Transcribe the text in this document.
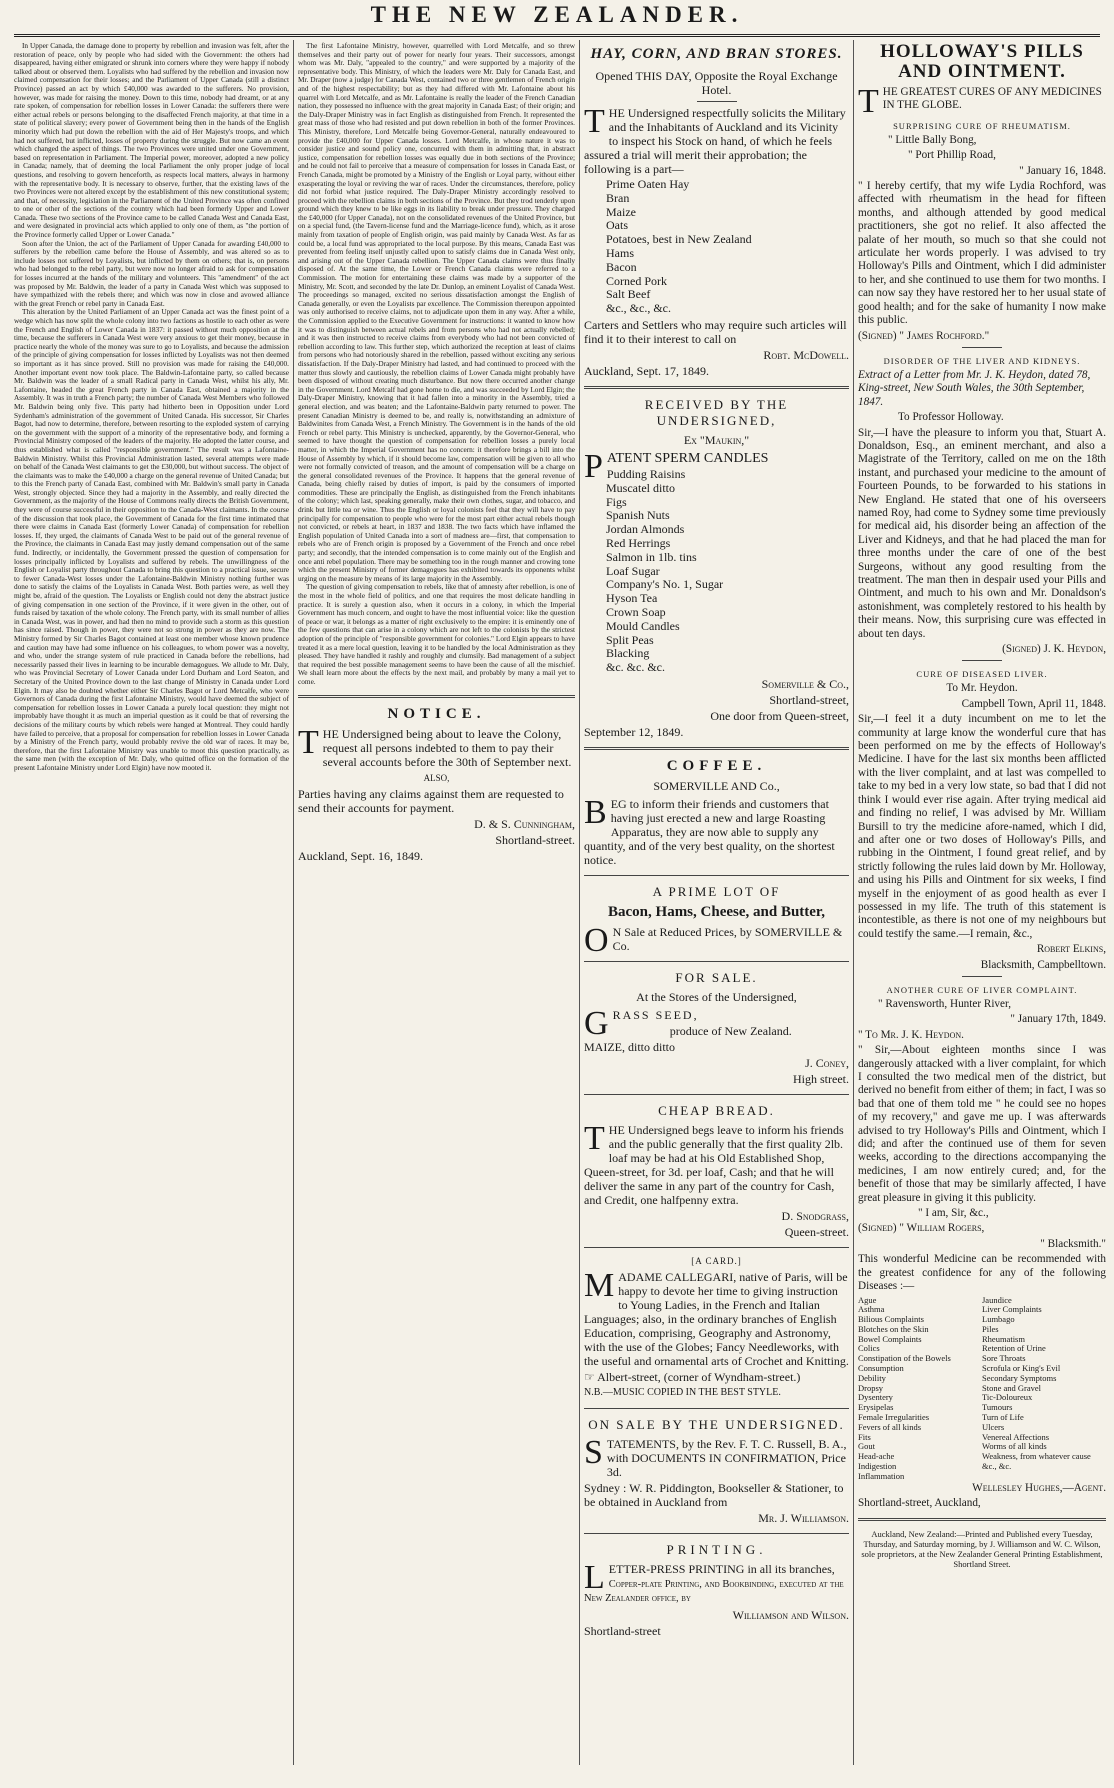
THE NEW ZEALANDER.

In Upper Canada, the damage done to property by rebellion and invasion was felt, after the restoration of peace, only by people who had sided with the Government: the others had disappeared, having either emigrated or shrunk into corners where they were happy if nobody talked about or observed them. Loyalists who had suffered by the rebellion and invasion now claimed compensation for their losses; and the Parliament of Upper Canada (still a distinct Province) passed an act by which £40,000 was awarded to the sufferers. No provision, however, was made for raising the money. Down to this time, nobody had dreamt, or at any rate spoken, of compensation for rebellion losses in Lower Canada: the sufferers there were either actual rebels or persons belonging to the disaffected French majority, at that time in a state of political slavery; every power of Government being then in the hands of the English minority which had put down the rebellion with the aid of Her Majesty's troops, and which had not suffered, but inflicted, losses of property during the struggle. But now came an event which changed the aspect of things. The two Provinces were united under one Government, based on representation in Parliament. The Imperial power, moreover, adopted a new policy in Canada; namely, that of deeming the local Parliament the only proper judge of local questions, and resolving to govern henceforth, as respects local matters, always in harmony with the representative body. It is necessary to observe, further, that the existing laws of the two Provinces were not altered except by the establishment of this new constitutional system; and that, of necessity, legislation in the Parliament of the United Province was often confined to one or other of the sections of the country which had been formerly Upper and Lower Canada. These two sections of the Province came to be called Canada West and Canada East, and were designated in provincial acts which applied to only one of them, as "the portion of the Province formerly called Upper or Lower Canada."

Soon after the Union, the act of the Parliament of Upper Canada for awarding £40,000 to sufferers by the rebellion came before the House of Assembly, and was altered so as to include losses not suffered by Loyalists, but inflicted by them on others; that is, on persons who had belonged to the rebel party, but were now no longer afraid to ask for compensation for losses incurred at the hands of the military and volunteers. This "amendment" of the act was proposed by Mr. Baldwin, the leader of a party in Canada West which was supposed to have sympathized with the rebels there; and which was now in close and avowed alliance with the great French or rebel party in Canada East.

This alteration by the United Parliament of an Upper Canada act was the finest point of a wedge which has now split the whole colony into two factions as hostile to each other as were the French and English of Lower Canada in 1837: it passed without much opposition at the time, because the sufferers in Canada West were very anxious to get their money, because in practice nearly the whole of the money was sure to go to Loyalists, and because the admission of the principle of giving compensation for losses inflicted by Loyalists was not then deemed so important as it has since proved. Still no provision was made for raising the £40,000. Another important event now took place. The Baldwin-Lafontaine party, so called because Mr. Baldwin was the leader of a small Radical party in Canada West, whilst his ally, Mr. Lafontaine, headed the great French party in Canada East, obtained a majority in the Assembly. It was in truth a French party; the number of Canada West Members who followed Mr. Baldwin being only five. This party had hitherto been in Opposition under Lord Sydenham's administration of the government of United Canada. His successor, Sir Charles Bagot, had now to determine, therefore, between resorting to the exploded system of carrying on the government with the support of a minority of the representative body, and forming a Provincial Ministry composed of the leaders of the majority. He adopted the latter course, and thus established what is called "responsible government." The result was a Lafontaine-Baldwin Ministry. Whilst this Provincial Administration lasted, several attempts were made on behalf of the Canada West claimants to get the £30,000, but without success. The object of the claimants was to make the £40,000 a charge on the general revenue of United Canada; but to this the French party of Canada East, combined with Mr. Baldwin's small party in Canada West, strongly objected. Since they had a majority in the Assembly, and really directed the Government, as the majority of the House of Commons really directs the British Government, they were of course successful in their opposition to the Canada-West claimants. In the course of the discussion that took place, the Government of Canada for the first time intimated that there were claims in Canada East (formerly Lower Canada) of compensation for rebellion losses. If, they urged, the claimants of Canada West to be paid out of the general revenue of the Province, the claimants in Canada East may justly demand compensation out of the same fund. Indirectly, or incidentally, the Government pressed the question of compensation for losses principally inflicted by Loyalists and suffered by rebels. The unwillingness of the English or Loyalist party throughout Canada to bring this question to a practical issue, secure to fewer Canada-West losses under the Lafontaine-Baldwin Ministry nothing further was done to satisfy the claims of the Loyalists in Canada West. Both parties were, as well they might be, afraid of the question. The Loyalists or English could not deny the abstract justice of giving compensation in one section of the Province, if it were given in the other, out of funds raised by taxation of the whole colony. The French party, with its small number of allies in Canada West, was in power, and had then no mind to provide such a storm as this question has since raised. Though in power, they were not so strong in power as they are now. The Ministry formed by Sir Charles Bagot contained at least one member whose known prudence and caution may have had some influence on his colleagues, to whom power was a novelty, and who, under the strange system of rule practiced in Canada before the rebellions, had necessarily passed their lives in learning to be incurable demagogues. We allude to Mr. Daly, who was Provincial Secretary of Lower Canada under Lord Durham and Lord Seaton, and Secretary of the United Province down to the last change of Ministry in Canada under Lord Elgin. It may also be doubted whether either Sir Charles Bagot or Lord Metcalfe, who were Governors of Canada during the first Lafontaine Ministry, would have deemed the subject of compensation for rebellion losses in Lower Canada a purely local question: they might not improbably have thought it as much an imperial question as it could be that of reversing the decisions of the military courts by which rebels were hanged at Montreal. They could hardly have failed to perceive, that a proposal for compensation for rebellion losses in Lower Canada by a Ministry of the French party, would probably revive the old war of races. It may be, therefore, that the first Lafontaine Ministry was unable to moot this question practically, as the same men (with the exception of Mr. Daly, who quitted office on the formation of the present Lafontaine Ministry under Lord Elgin) have now mooted it.

The first Lafontaine Ministry, however, quarrelled with Lord Metcalfe, and so threw themselves and their party out of power for nearly four years. Their successors, amongst whom was Mr. Daly, "appealed to the country," and were supported by a majority of the representative body. This Ministry, of which the leaders were Mr. Daly for Canada East, and Mr. Draper (now a judge) for Canada West, contained two or three gentlemen of French origin and of the highest respectability; but as they had differed with Mr. Lafontaine about his quarrel with Lord Metcalfe, and as Mr. Lafontaine is really the leader of the French Canadian nation, they possessed no influence with the great majority in Canada East; of their origin; and the Daly-Draper Ministry was in fact English as distinguished from French. It represented the great mass of those who had resisted and put down rebellion in both of the former Provinces. This Ministry, therefore, Lord Metcalfe being Governor-General, naturally endeavoured to provide the £40,000 for Upper Canada losses. Lord Metcalfe, in whose nature it was to consider justice and sound policy one, concurred with them in admitting that, in abstract justice, compensation for rebellion losses was equally due in both sections of the Province; and he could not fail to perceive that a measure of compensation for losses in Canada East, or French Canada, might be promoted by a Ministry of the English or Loyal party, without either exasperating the loyal or reviving the war of races. Under the circumstances, therefore, policy did not forbid what justice required. The Daly-Draper Ministry accordingly resolved to proceed with the rebellion claims in both sections of the Province. But they trod tenderly upon ground which they knew to be like eggs in its liability to break under pressure. They charged the £40,000 (for Upper Canada), not on the consolidated revenues of the United Province, but on a special fund, (the Tavern-license fund and the Marriage-licence fund), which, as it arose mainly from taxation of people of English origin, was paid mainly by Canada West. As far as could be, a local fund was appropriated to the local purpose. By this means, Canada East was prevented from feeling itself unjustly called upon to satisfy claims due in Canada West only, and arising out of the Upper Canada rebellion. The Upper Canada claims were thus finally disposed of. At the same time, the Lower or French Canada claims were referred to a Commission. The motion for entertaining these claims was made by a supporter of the Ministry, Mr. Scott, and seconded by the late Dr. Dunlop, an eminent Loyalist of Canada West. The proceedings so managed, excited no serious dissatisfaction amongst the English of Canada generally, or even the Loyalists par excellence. The Commission thereupon appointed was only authorised to receive claims, not to adjudicate upon them in any way. After a while, the Commission applied to the Executive Government for instructions: it wanted to know how it was to distinguish between actual rebels and from persons who had not actually rebelled; and it was then instructed to receive claims from everybody who had not been convicted of rebellion according to law. This further step, which authorized the reception at least of claims from persons who had notoriously shared in the rebellion, passed without exciting any serious dissatisfaction. If the Daly-Draper Ministry had lasted, and had continued to proceed with the matter thus slowly and cautiously, the rebellion claims of Lower Canada might probably have been disposed of without creating much disturbance. But now there occurred another change in the Government. Lord Metcalf had gone home to die, and was succeeded by Lord Elgin; the Daly-Draper Ministry, knowing that it had fallen into a minority in the Assembly, tried a general election, and was beaten; and the Lafontaine-Baldwin party returned to power. The present Canadian Ministry is deemed to be, and really is, notwithstanding an admixture of Baldwinites from Canada West, a French Ministry. The Government is in the hands of the old French or rebel party. This Ministry is unchecked, apparently, by the Governor-General, who seemed to have thought the question of compensation for rebellion losses a purely local matter, in which the Imperial Government has no concern: it therefore brings a bill into the House of Assembly by which, if it should become law, compensation will be given to all who were not formally convicted of treason, and the amount of compensation will be a charge on the general consolidated revenues of the Province. It happens that the general revenue of Canada, being chiefly raised by duties of import, is paid by the consumers of imported commodities. These are principally the English, as distinguished from the French inhabitants of the colony; which last, speaking generally, make their own clothes, sugar, and tobacco, and drink but little tea or wine. Thus the English or loyal colonists feel that they will have to pay principally for compensation to people who were for the most part either actual rebels though not convicted, or rebels at heart, in 1837 and 1838. The two facts which have inflamed the English population of United Canada into a sort of madness are—first, that compensation to rebels who are of French origin is proposed by a Government of the French and once rebel party; and secondly, that the intended compensation is to come mainly out of the English and once anti rebel population. There may be something too in the rough manner and crowing tone which the present Ministry of former demagogues has exhibited towards its opponents whilst urging on the measure by means of its large majority in the Assembly.

The question of giving compensation to rebels, like that of amnesty after rebellion, is one of the most in the whole field of politics, and one that requires the most delicate handling in practice. It is surely a question also, when it occurs in a colony, in which the Imperial Government has much concern, and ought to have the most influential voice: like the question of peace or war, it belongs as a matter of right exclusively to the empire: it is eminently one of the few questions that can arise in a colony which are not left to the colonists by the strictest adoption of the principle of "responsible government for colonies." Lord Elgin appears to have treated it as a mere local question, leaving it to be handled by the local Administration as they pleased. They have handled it rashly and roughly and clumsily. Bad management of a subject that required the best possible management seems to have been the cause of all the mischief. We shall learn more about the effects by the next mail, and probably by many a mail yet to come.

NOTICE.

THE Undersigned being about to leave the Colony, request all persons indebted to them to pay their several accounts before the 30th of September next.

ALSO,

Parties having any claims against them are requested to send their accounts for payment.

D. & S. Cunningham,

Shortland-street.

Auckland, Sept. 16, 1849.

HAY, CORN, AND BRAN STORES.

Opened THIS DAY, Opposite the Royal Exchange Hotel.

THE Undersigned respectfully solicits the Military and the Inhabitants of Auckland and its Vicinity to inspect his Stock on hand, of which he feels assured a trial will merit their approbation; the following is a part—

Prime Oaten Hay
Bran
Maize
Oats
Potatoes, best in New Zealand
Hams
Bacon
Corned Pork
Salt Beef
&c., &c., &c.

Carters and Settlers who may require such articles will find it to their interest to call on

Robt. McDowell.

Auckland, Sept. 17, 1849.

RECEIVED BY THE UNDERSIGNED,
Ex "Maukin,"

PATENT SPERM CANDLES

Pudding Raisins
Muscatel ditto
Figs
Spanish Nuts
Jordan Almonds
Red Herrings
Salmon in 1lb. tins
Loaf Sugar
Company's No. 1, Sugar
Hyson Tea
Crown Soap
Mould Candles
Split Peas
Blacking
&c. &c. &c.

Somerville & Co.,

Shortland-street,

One door from Queen-street,

September 12, 1849.

COFFEE.
SOMERVILLE AND Co.,

BEG to inform their friends and customers that having just erected a new and large Roasting Apparatus, they are now able to supply any quantity, and of the very best quality, on the shortest notice.

A PRIME LOT OF
Bacon, Hams, Cheese, and Butter,

O N Sale at Reduced Prices, by SOMERVILLE & Co.

FOR SALE.
At the Stores of the Undersigned,

GRASS SEED,

produce of New Zealand.

MAIZE, ditto ditto

J. Coney,

High street.

CHEAP BREAD.

THE Undersigned begs leave to inform his friends and the public generally that the first quality 2lb. loaf may be had at his Old Established Shop, Queen-street, for 3d. per loaf, Cash; and that he will deliver the same in any part of the country for Cash, and Credit, one halfpenny extra.

D. Snodgrass,

Queen-street.

[A CARD.]

MADAME CALLEGARI, native of Paris, will be happy to devote her time to giving instruction to Young Ladies, in the French and Italian Languages; also, in the ordinary branches of English Education, comprising, Geography and Astronomy, with the use of the Globes; Fancy Needleworks, with the useful and ornamental arts of Crochet and Knitting.

☞ Albert-street, (corner of Wyndham-street.)

N.B.—MUSIC COPIED IN THE BEST STYLE.

ON SALE BY THE UNDERSIGNED.

STATEMENTS, by the Rev. F. T. C. Russell, B. A., with DOCUMENTS IN CONFIRMATION, Price 3d.

Sydney : W. R. Piddington, Bookseller & Stationer, to be obtained in Auckland from

Mr. J. Williamson.

PRINTING.

LETTER-PRESS PRINTING in all its branches,

Copper-plate Printing, and Bookbinding, executed at the New Zealander office, by

Williamson and Wilson.

Shortland-street

HOLLOWAY'S PILLS AND OINTMENT.

THE GREATEST CURES OF ANY MEDICINES IN THE GLOBE.

SURPRISING CURE OF RHEUMATISM.

" Little Bally Bong,

" Port Phillip Road,

" January 16, 1848.

" I hereby certify, that my wife Lydia Rochford, was affected with rheumatism in the head for fifteen months, and although attended by good medical practitioners, she got no relief. It also affected the palate of her mouth, so much so that she could not articulate her words properly. I was advised to try Holloway's Pills and Ointment, which I did administer to her, and she continued to use them for two months. I can now say they have restored her to her usual state of good health; and for the sake of humanity I now make this public.

(Signed) " James Rochford."

DISORDER OF THE LIVER AND KIDNEYS.

Extract of a Letter from Mr. J. K. Heydon, dated 78, King-street, New South Wales, the 30th September, 1847.

To Professor Holloway.

Sir,—I have the pleasure to inform you that, Stuart A. Donaldson, Esq., an eminent merchant, and also a Magistrate of the Territory, called on me on the 18th instant, and purchased your medicine to the amount of Fourteen Pounds, to be forwarded to his stations in New England. He stated that one of his overseers named Roy, had come to Sydney some time previously for medical aid, his disorder being an affection of the Liver and Kidneys, and that he had placed the man for three months under the care of one of the best Surgeons, without any good resulting from the treatment. The man then in despair used your Pills and Ointment, and much to his own and Mr. Donaldson's astonishment, was completely restored to his health by their means. Now, this surprising cure was effected in about ten days.

(Signed) J. K. Heydon,

CURE OF DISEASED LIVER.

To Mr. Heydon.

Campbell Town, April 11, 1848.

Sir,—I feel it a duty incumbent on me to let the community at large know the wonderful cure that has been performed on me by the effects of Holloway's Medicine. I have for the last six months been afflicted with the liver complaint, and at last was compelled to take to my bed in a very low state, so bad that I did not think I would ever rise again. After trying medical aid and finding no relief, I was advised by Mr. William Bursill to try the medicine afore-named, which I did, and after one or two doses of Holloway's Pills, and rubbing in the Ointment, I found great relief, and by strictly following the rules laid down by Mr. Holloway, and using his Pills and Ointment for six weeks, I find myself in the enjoyment of as good health as ever I possessed in my life. The truth of this statement is incontestible, as there is not one of my neighbours but could testify the same.—I remain, &c.,

Robert Elkins,

Blacksmith, Campbelltown.

ANOTHER CURE OF LIVER COMPLAINT.

" Ravensworth, Hunter River,

" January 17th, 1849.

" To Mr. J. K. Heydon.

" Sir,—About eighteen months since I was dangerously attacked with a liver complaint, for which I consulted the two medical men of the district, but derived no benefit from either of them; in fact, I was so bad that one of them told me " he could see no hopes of my recovery," and gave me up. I was afterwards advised to try Holloway's Pills and Ointment, which I did; and after the continued use of them for seven weeks, according to the directions accompanying the medicines, I am now entirely cured; and, for the benefit of those that may be similarly affected, I have great pleasure in giving it this publicity.

" I am, Sir, &c.,

(Signed) " William Rogers,

" Blacksmith."

This wonderful Medicine can be recommended with the greatest confidence for any of the following Diseases :—

Ague
Asthma
Bilious Complaints
Blotches on the Skin
Bowel Complaints
Colics
Constipation of the Bowels
Consumption
Debility
Dropsy
Dysentery
Erysipelas
Female Irregularities
Fevers of all kinds
Fits
Gout
Head-ache
Indigestion
Inflammation
Jaundice
Liver Complaints
Lumbago
Piles
Rheumatism
Retention of Urine
Sore Throats
Scrofula or King's Evil
Secondary Symptoms
Stone and Gravel
Tic-Doloureux
Tumours
Turn of Life
Ulcers
Venereal Affections
Worms of all kinds
Weakness, from whatever cause
&c., &c.

Wellesley Hughes,—Agent.

Shortland-street, Auckland,

Auckland, New Zealand:—Printed and Published every Tuesday, Thursday, and Saturday morning, by J. Williamson and W. C. Wilson, sole proprietors, at the New Zealander General Printing Establishment, Shortland Street.
